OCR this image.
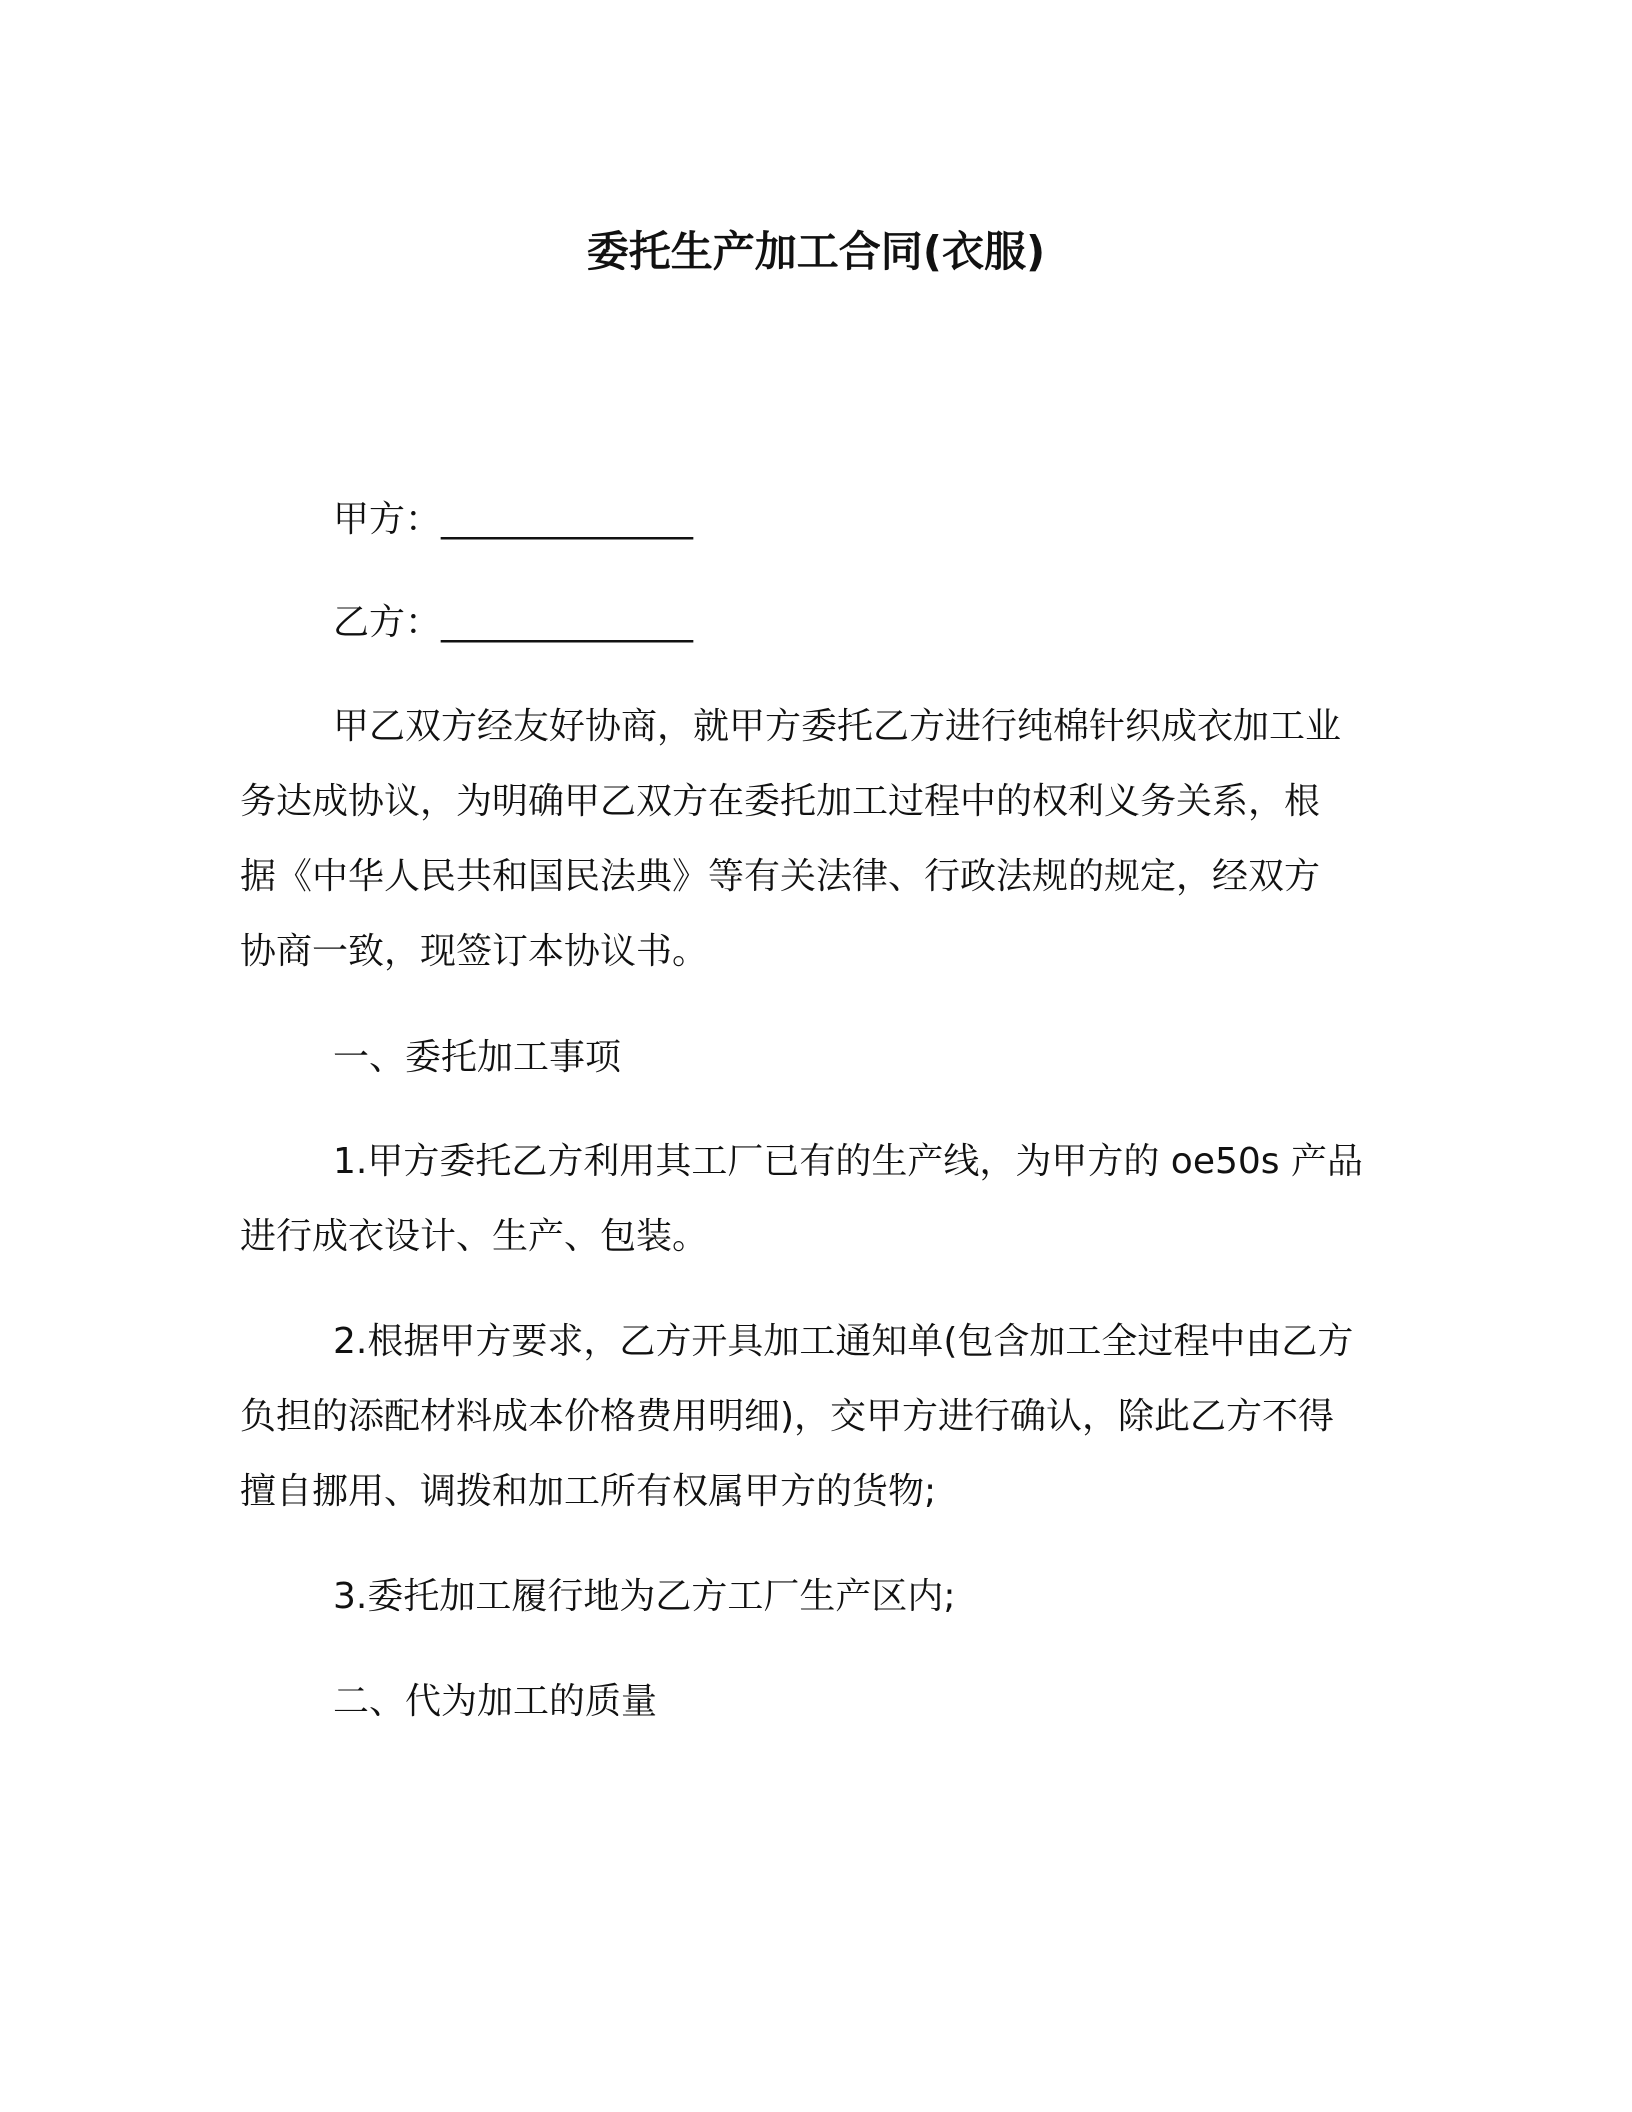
委托生产加工合同(衣服)
甲方：______________
乙方：______________
甲乙双方经友好协商，就甲方委托乙方进行纯棉针织成衣加工业
务达成协议，为明确甲乙双方在委托加工过程中的权利义务关系，根
据《中华人民共和国民法典》等有关法律、行政法规的规定，经双方
协商一致，现签订本协议书。
一、委托加工事项
1.甲方委托乙方利用其工厂已有的生产线，为甲方的 oe50s 产品
进行成衣设计、生产、包装。
2.根据甲方要求，乙方开具加工通知单(包含加工全过程中由乙方
负担的添配材料成本价格费用明细)，交甲方进行确认，除此乙方不得
擅自挪用、调拨和加工所有权属甲方的货物;
3.委托加工履行地为乙方工厂生产区内;
二、代为加工的质量
